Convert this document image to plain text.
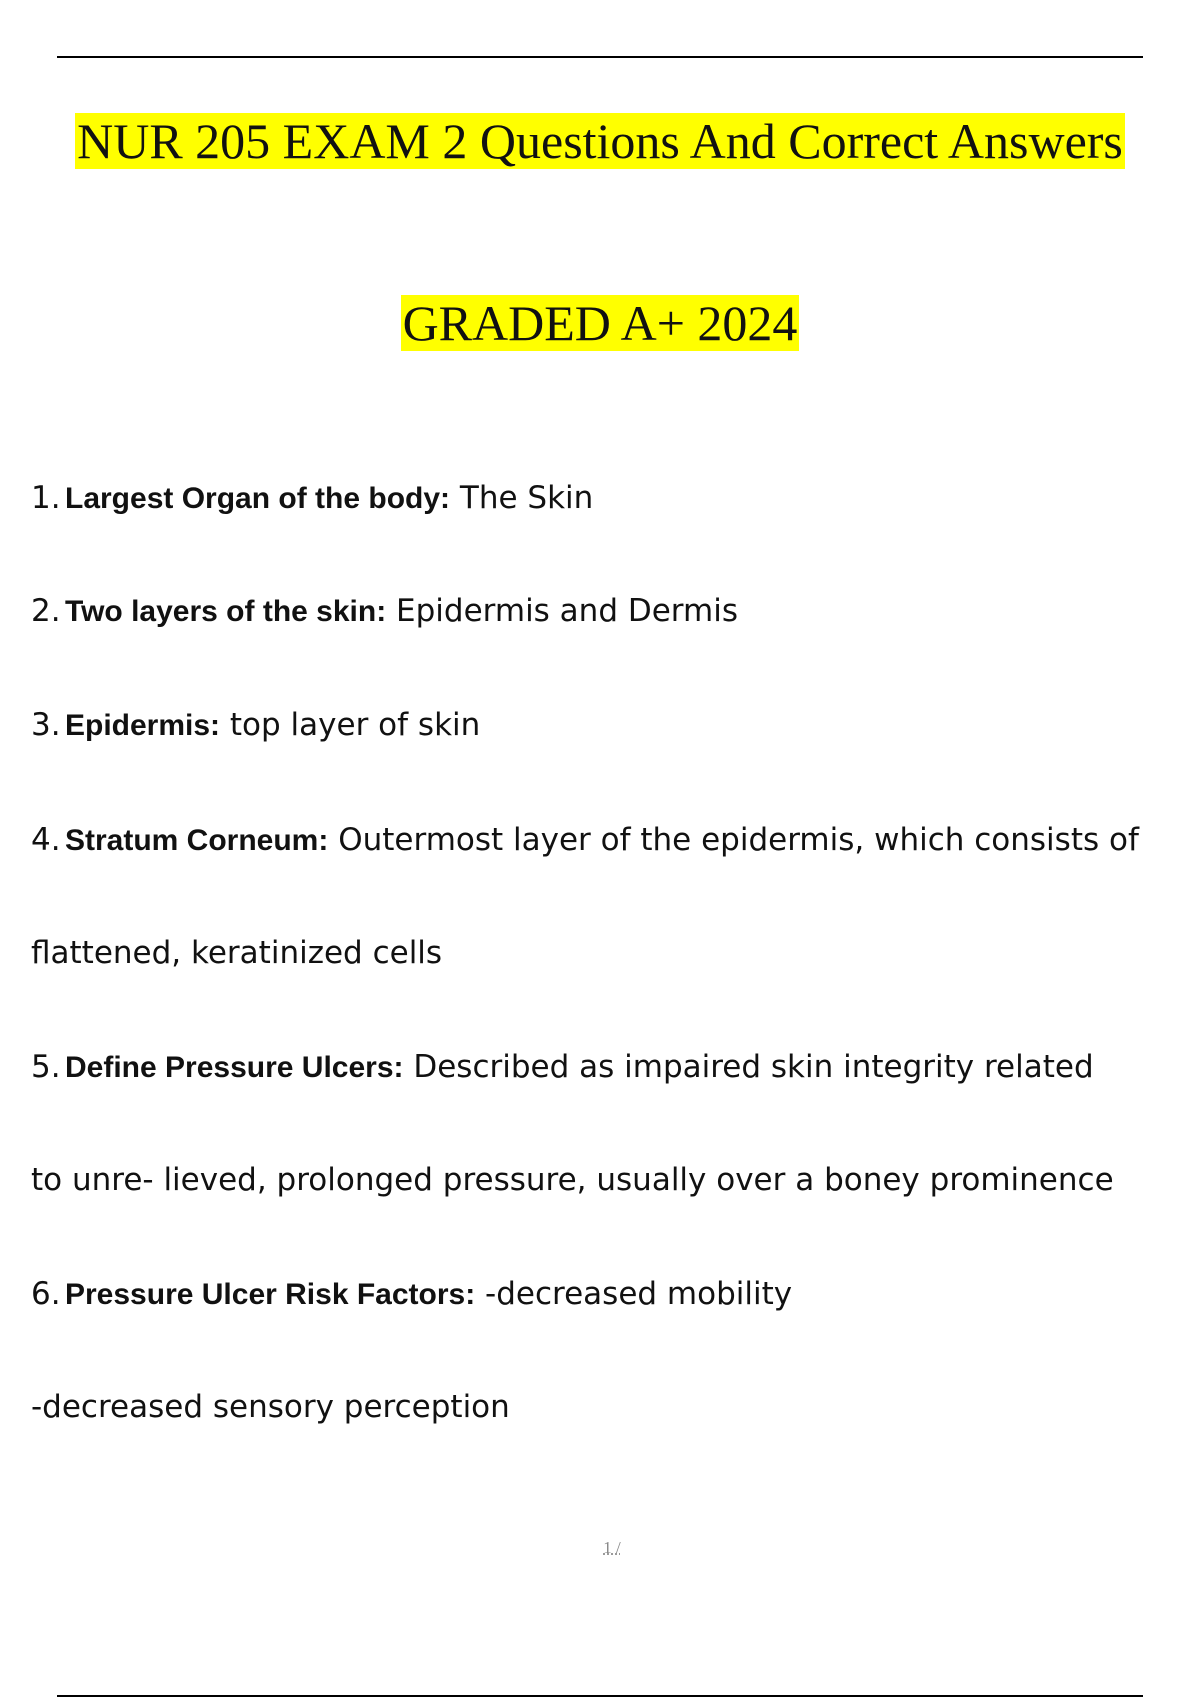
NUR 205 EXAM 2 Questions And Correct Answers
GRADED A+ 2024
1. Largest Organ of the body: The Skin
2. Two layers of the skin: Epidermis and Dermis
3. Epidermis: top layer of skin
4. Stratum Corneum: Outermost layer of the epidermis, which consists of
flattened, keratinized cells
5. Define Pressure Ulcers: Described as impaired skin integrity related
to unre- lieved, prolonged pressure, usually over a boney prominence
6. Pressure Ulcer Risk Factors: -decreased mobility
-decreased sensory perception
1 /
